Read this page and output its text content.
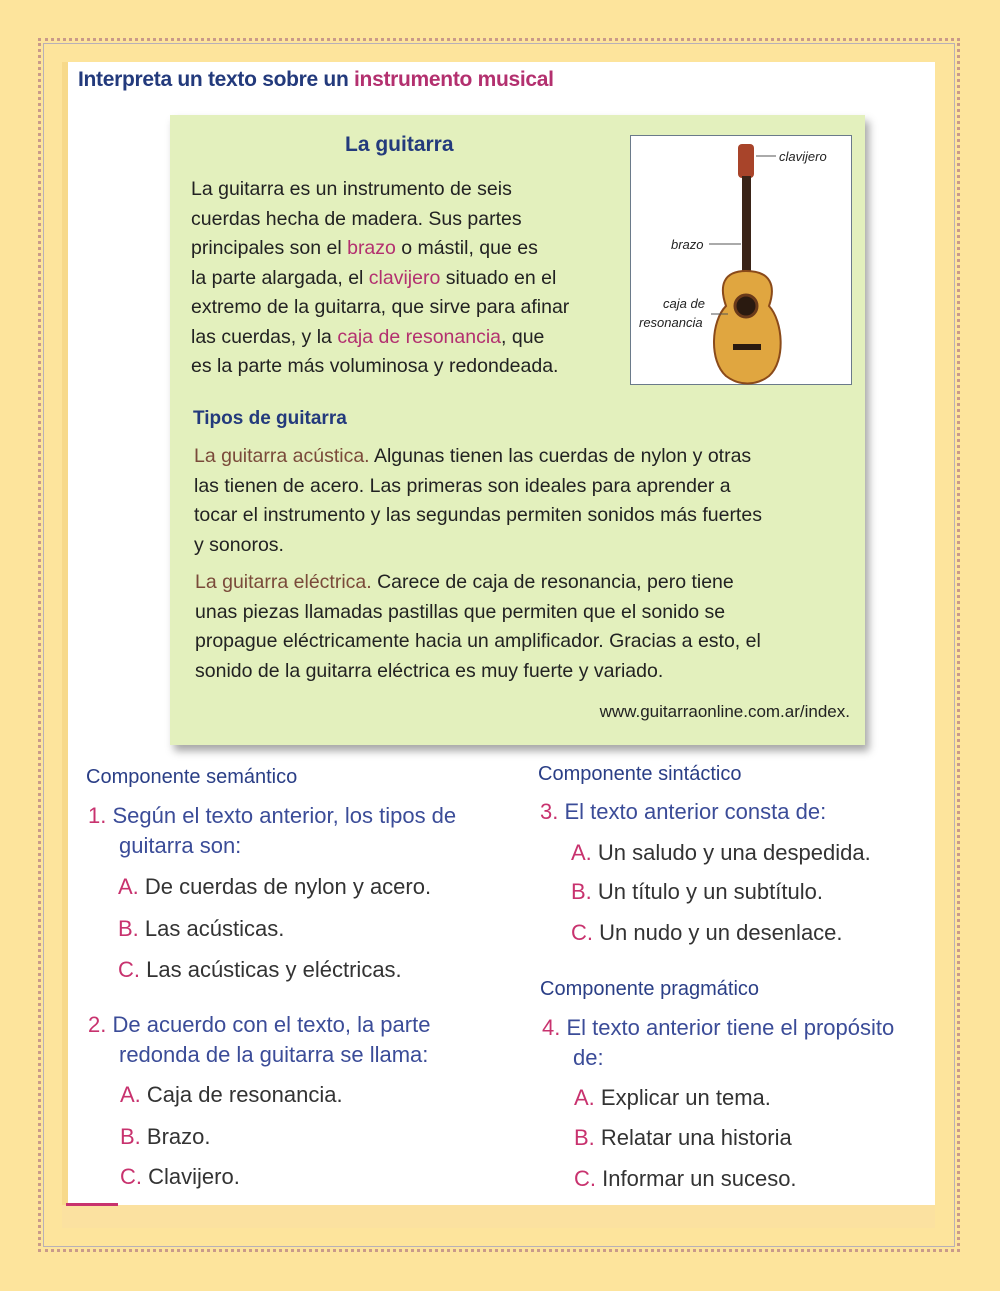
Interpreta un texto sobre un instrumento musical
La guitarra
La guitarra es un instrumento de seis
cuerdas hecha de madera. Sus partes
principales son el brazo o mástil, que es
la parte alargada, el clavijero situado en el
extremo de la guitarra, que sirve para afinar
las cuerdas, y la caja de resonancia, que
es la parte más voluminosa y redondeada.
clavijero
brazo
caja de
resonancia
Tipos de guitarra
La guitarra acústica. Algunas tienen las cuerdas de nylon y otras
las tienen de acero. Las primeras son ideales para aprender a
tocar el instrumento y las segundas permiten sonidos más fuertes
y sonoros.
La guitarra eléctrica. Carece de caja de resonancia, pero tiene
unas piezas llamadas pastillas que permiten que el sonido se
propague eléctricamente hacia un amplificador. Gracias a esto, el
sonido de la guitarra eléctrica es muy fuerte y variado.
www.guitarraonline.com.ar/index.
Componente semántico	Componente sintáctico
Componente pragmático
1. Según el texto anterior, los tipos de
guitarra son:
A. De cuerdas de nylon y acero.
B. Las acústicas.
C. Las acústicas y eléctricas.
2. De acuerdo con el texto, la parte
redonda de la guitarra se llama:
A. Caja de resonancia.
B. Brazo.
C. Clavijero.
3. El texto anterior consta de:
A. Un saludo y una despedida.
B. Un título y un subtítulo.
C. Un nudo y un desenlace.
4. El texto anterior tiene el propósito
de:
A. Explicar un tema.
B. Relatar una historia
C. Informar un suceso.
